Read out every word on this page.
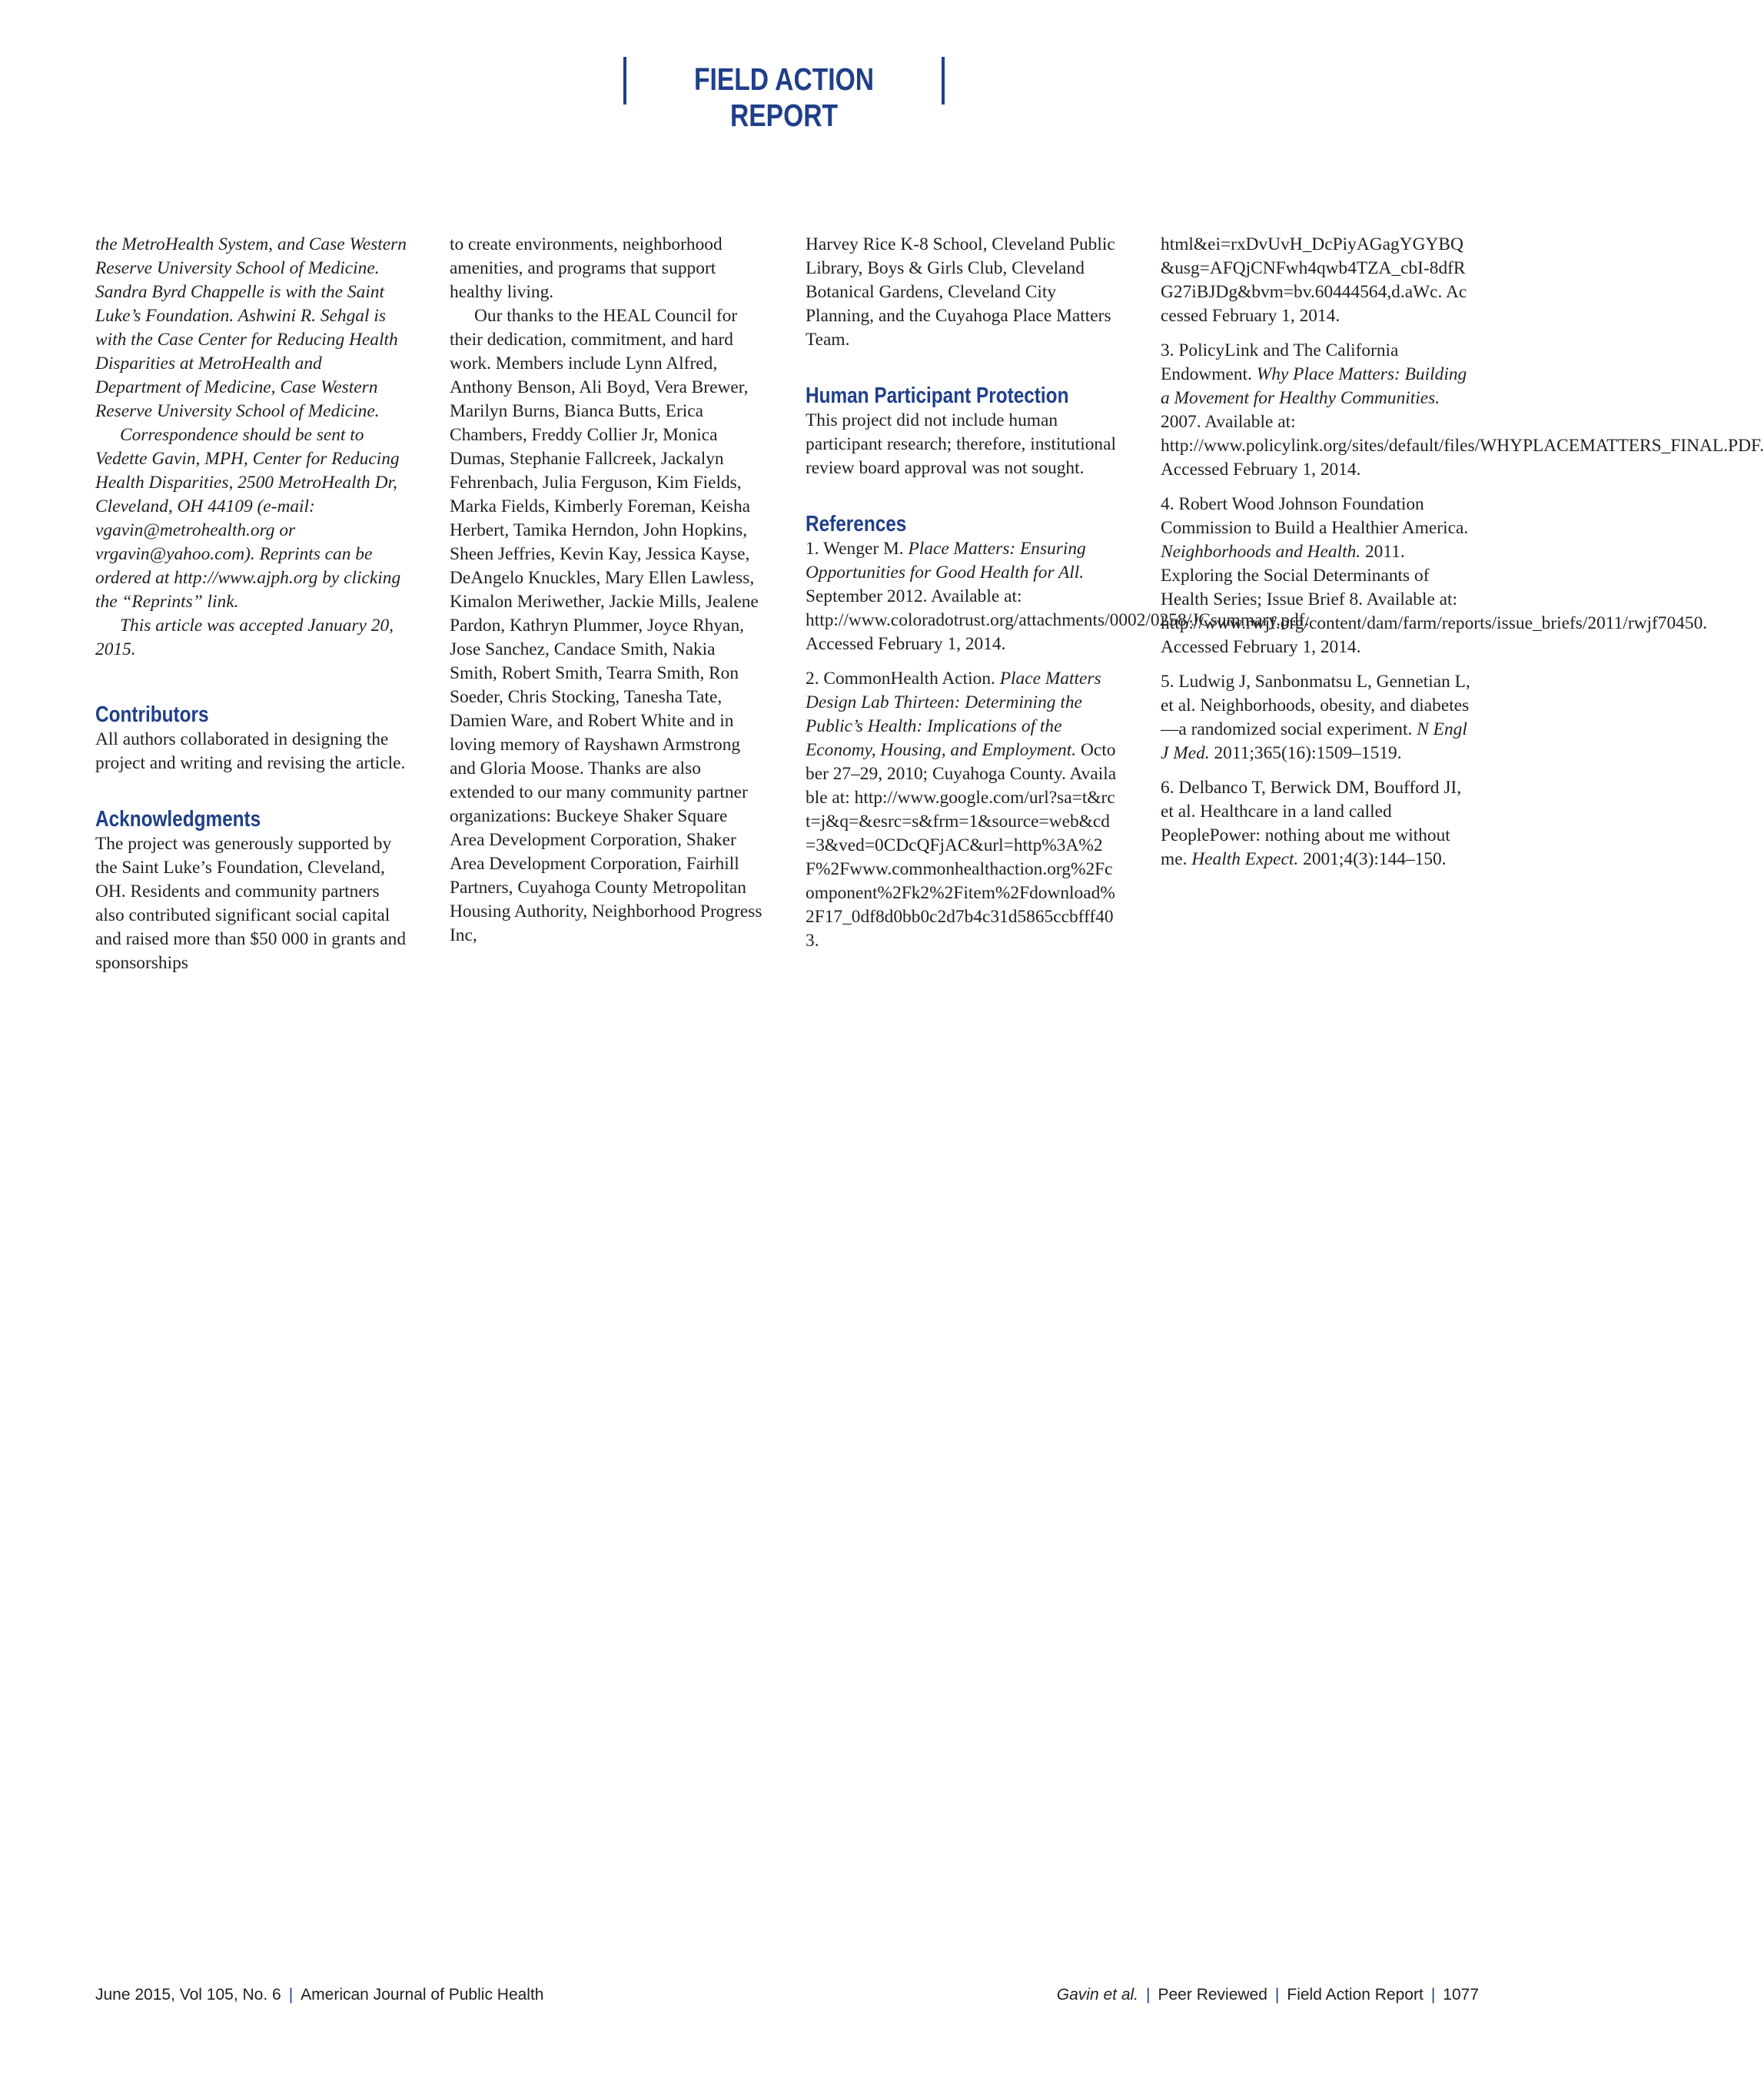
FIELD ACTION REPORT

the MetroHealth System, and Case Western Reserve University School of Medicine. Sandra Byrd Chappelle is with the Saint Luke’s Foundation. Ashwini R. Sehgal is with the Case Center for Reducing Health Disparities at MetroHealth and Department of Medicine, Case Western Reserve University School of Medicine.

Correspondence should be sent to Vedette Gavin, MPH, Center for Reducing Health Disparities, 2500 MetroHealth Dr, Cleveland, OH 44109 (e-mail: vgavin@metrohealth.org or vrgavin@yahoo.com). Reprints can be ordered at http://www.ajph.org by clicking the “Reprints” link.

This article was accepted January 20, 2015.

Contributors

All authors collaborated in designing the project and writing and revising the article.

Acknowledgments

The project was generously supported by the Saint Luke’s Foundation, Cleveland, OH. Residents and community partners also contributed significant social capital and raised more than $50 000 in grants and sponsorships

to create environments, neighborhood amenities, and programs that support healthy living.

Our thanks to the HEAL Council for their dedication, commitment, and hard work. Members include Lynn Alfred, Anthony Benson, Ali Boyd, Vera Brewer, Marilyn Burns, Bianca Butts, Erica Chambers, Freddy Collier Jr, Monica Dumas, Stephanie Fallcreek, Jackalyn Fehrenbach, Julia Ferguson, Kim Fields, Marka Fields, Kimberly Foreman, Keisha Herbert, Tamika Herndon, John Hopkins, Sheen Jeffries, Kevin Kay, Jessica Kayse, DeAngelo Knuckles, Mary Ellen Lawless, Kimalon Meriwether, Jackie Mills, Jealene Pardon, Kathryn Plummer, Joyce Rhyan, Jose Sanchez, Candace Smith, Nakia Smith, Robert Smith, Tearra Smith, Ron Soeder, Chris Stocking, Tanesha Tate, Damien Ware, and Robert White and in loving memory of Rayshawn Armstrong and Gloria Moose. Thanks are also extended to our many community partner organizations: Buckeye Shaker Square Area Development Corporation, Shaker Area Development Corporation, Fairhill Partners, Cuyahoga County Metropolitan Housing Authority, Neighborhood Progress Inc,

Harvey Rice K-8 School, Cleveland Public Library, Boys & Girls Club, Cleveland Botanical Gardens, Cleveland City Planning, and the Cuyahoga Place Matters Team.

Human Participant Protection

This project did not include human participant research; therefore, institutional review board approval was not sought.

References

1. Wenger M. Place Matters: Ensuring Opportunities for Good Health for All. September 2012. Available at: http://www.coloradotrust.org/attachments/0002/0258/JCsummary.pdf. Accessed February 1, 2014.

2. CommonHealth Action. Place Matters Design Lab Thirteen: Determining the Public’s Health: Implications of the Economy, Housing, and Employment. October 27–29, 2010; Cuyahoga County. Available at: http://www.google.com/url?sa=t&rct=j&q=&esrc=s&frm=1&source=web&cd=3&ved=0CDcQFjAC&url=http%3A%2F%2Fwww.commonhealthaction.org%2Fcomponent%2Fk2%2Fitem%2Fdownload%2F17_0df8d0bb0c2d7b4c31d5865ccbfff403.

html&ei=rxDvUvH_DcPiyAGagYGYBQ&usg=AFQjCNFwh4qwb4TZA_cbI-8dfRG27iBJDg&bvm=bv.60444564,d.aWc. Accessed February 1, 2014.

3. PolicyLink and The California Endowment. Why Place Matters: Building a Movement for Healthy Communities. 2007. Available at: http://www.policylink.org/sites/default/files/WHYPLACEMATTERS_FINAL.PDF. Accessed February 1, 2014.

4. Robert Wood Johnson Foundation Commission to Build a Healthier America. Neighborhoods and Health. 2011. Exploring the Social Determinants of Health Series; Issue Brief 8. Available at: http://www.rwjf.org/content/dam/farm/reports/issue_briefs/2011/rwjf70450. Accessed February 1, 2014.

5. Ludwig J, Sanbonmatsu L, Gennetian L, et al. Neighborhoods, obesity, and diabetes—a randomized social experiment. N Engl J Med. 2011;365(16):1509–1519.

6. Delbanco T, Berwick DM, Boufford JI, et al. Healthcare in a land called PeoplePower: nothing about me without me. Health Expect. 2001;4(3):144–150.

June 2015, Vol 105, No. 6 | American Journal of Public Health	Gavin et al. | Peer Reviewed | Field Action Report | 1077
